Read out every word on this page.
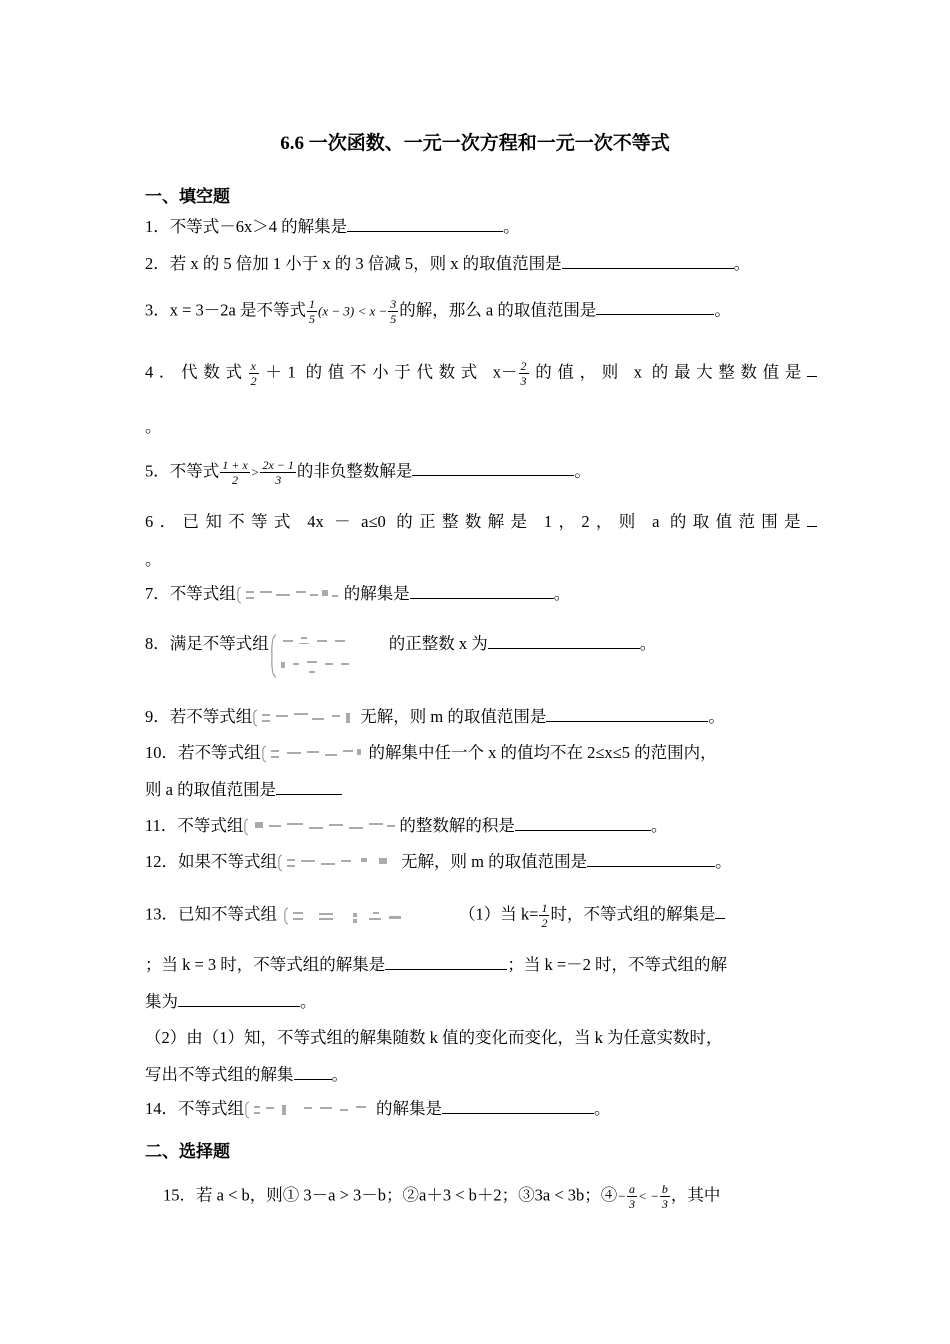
6.6 一次函数、一元一次方程和一元一次不等式
一、填空题
1．不等式－6x＞4 的解集是	。
2．若 x 的 5 倍加 1 小于 x 的 3 倍减 5，则 x 的取值范围是	。
3．x = 3－2a 是不等式 $\frac{1}{5} (x - 3) < x - \frac{3}{5}$ 的解，那么 a 的取值范围是	。
4．代数式 $\frac{x}{2} +1$ 的值不小于代数式 $x- \frac{2}{3}$ 的值，则 x 的最大整数值是
。
5．不等式 $\frac{1 + x}{2} > \frac{2x - 1}{3}$ 的非负整数解是	。
6．已知不等式 4x － a≤0 的正整数解是 1，2，则 a 的取值范围是
。
7．不等式组	的解集是	。
8．满足不等式组	的正整数 x 为	。
9．若不等式组	无解，则 m 的取值范围是	。
10．若不等式组	的解集中任一个 x 的值均不在 2≤x≤5 的范围内，
则 a 的取值范围是
11．不等式组	的整数解的积是	。
12．如果不等式组	无解，则 m 的取值范围是	。
13．已知不等式组	（1）当 $k= \frac{1}{2}$ 时，不等式组的解集是
；当 k = 3 时，不等式组的解集是	；当 k =－2 时，不等式组的解
集为	。
（2）由（1）知，不等式组的解集随数 k 值的变化而变化，当 k 为任意实数时，
写出不等式组的解集 。
14．不等式组	的解集是	。
二、选择题
15．若 a < b，则① 3－a > 3－b；②a＋3 < b＋2；③3a < 3b；④− $\frac{a}{3}$ < − $\frac{b}{3}$ ，其中
